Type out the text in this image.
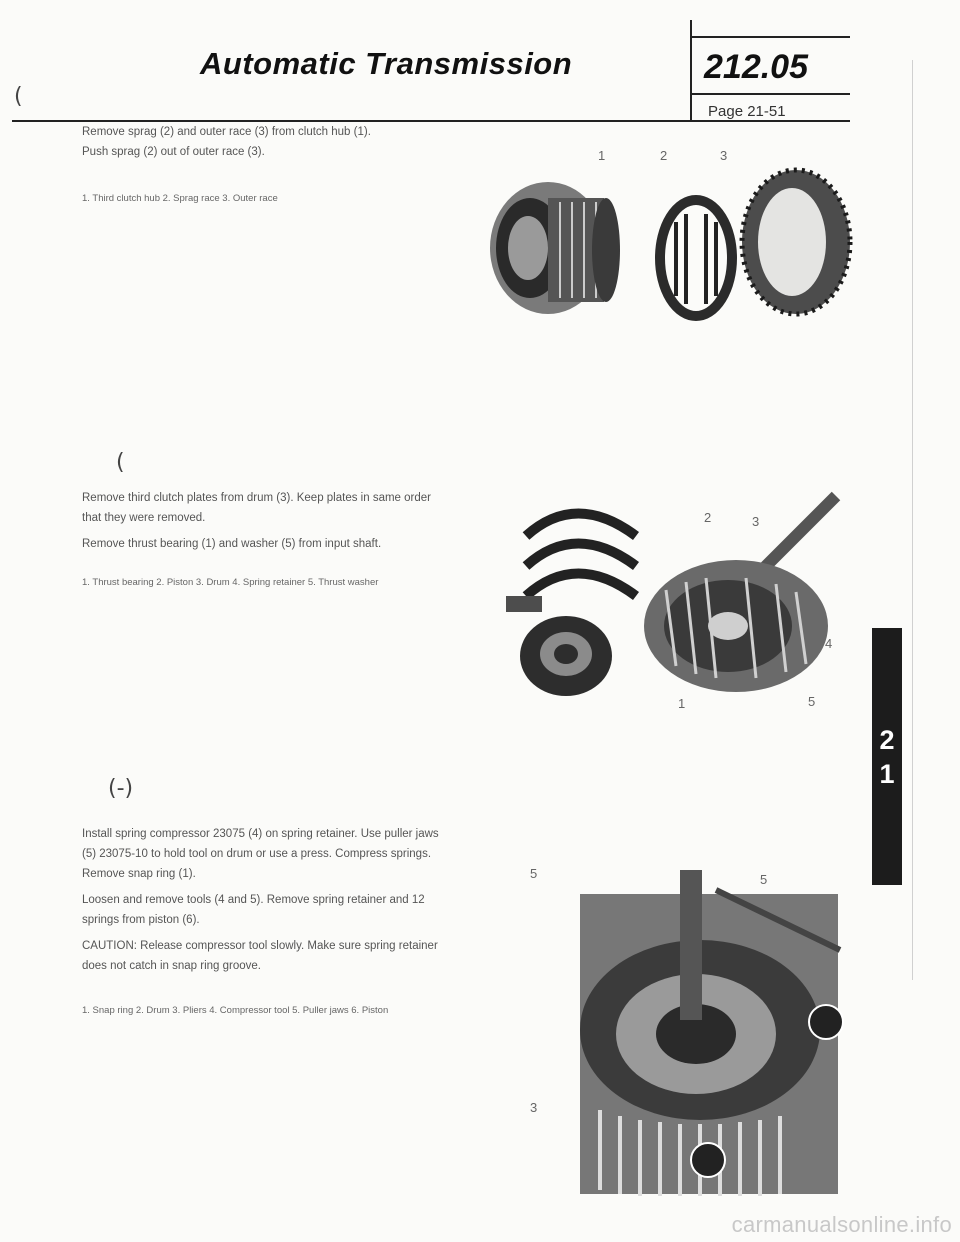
Automatic Transmission	212.05
Page 21-51
(
Remove sprag (2) and outer race (3) from clutch hub (1).
Push sprag (2) out of outer race (3).
1. Third clutch hub 2. Sprag race 3. Outer race
1	2	3
(
Remove third clutch plates from drum (3). Keep plates in same order that they were removed.
Remove thrust bearing (1) and washer (5) from input shaft.
1. Thrust bearing 2. Piston 3. Drum 4. Spring retainer 5. Thrust washer
2	3
4
1	5
(-)
Install spring compressor 23075 (4) on spring retainer. Use puller jaws (5) 23075-10 to hold tool on drum or use a press. Compress springs. Remove snap ring (1).
Loosen and remove tools (4 and 5). Remove spring retainer and 12 springs from piston (6).
CAUTION: Release compressor tool slowly. Make sure spring retainer does not catch in snap ring groove.
1. Snap ring 2. Drum 3. Pliers 4. Compressor tool 5. Puller jaws 6. Piston
5	5
3
2
1
carmanualsonline.info
